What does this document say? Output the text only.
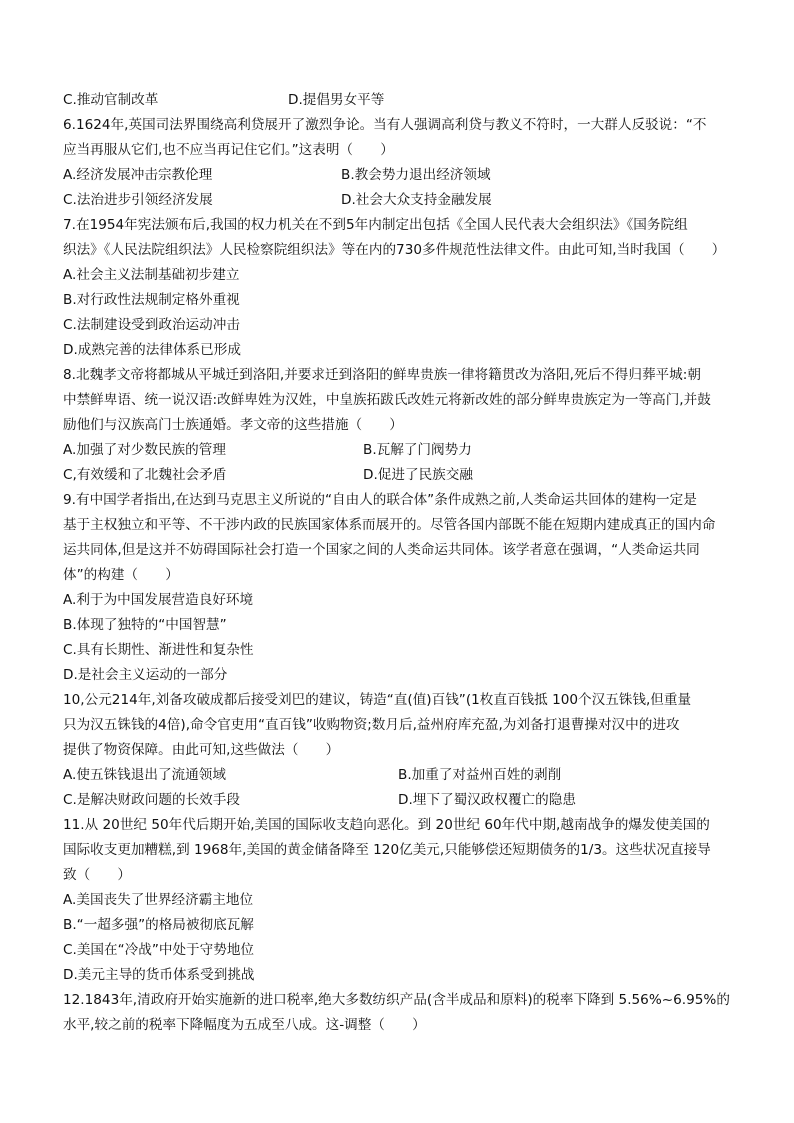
C.推动官制改革	D.提倡男女平等
6.1624年,英国司法界围绕高利贷展开了激烈争论。当有人强调高利贷与教义不符时，一大群人反驳说：“不
应当再服从它们,也不应当再记住它们。”这表明（　　）
A.经济发展冲击宗教伦理	B.教会势力退出经济领域
C.法治进步引领经济发展	D.社会大众支持金融发展
7.在1954年宪法颁布后,我国的权力机关在不到5年内制定出包括《全国人民代表大会组织法》《国务院组
织法》《人民法院组织法》人民检察院组织法》等在内的730多件规范性法律文件。由此可知,当时我国（　　）
A.社会主义法制基础初步建立
B.对行政性法规制定格外重视
C.法制建设受到政治运动冲击
D.成熟完善的法律体系已形成
8.北魏孝文帝将都城从平城迁到洛阳,并要求迁到洛阳的鲜卑贵族一律将籍贯改为洛阳,死后不得归葬平城:朝
中禁鲜卑语、统一说汉语:改鲜卑姓为汉姓，中皇族拓跋氏改姓元将新改姓的部分鲜卑贵族定为一等高门,并鼓
励他们与汉族高门士族通婚。孝文帝的这些措施（　　）
A.加强了对少数民族的管理	B.瓦解了门阀势力
C,有效缓和了北魏社会矛盾	D.促进了民族交融
9.有中国学者指出,在达到马克思主义所说的“自由人的联合体”条件成熟之前,人类命运共回体的建构一定是
基于主权独立和平等、不干涉内政的民族国家体系而展开的。尽管各国内部既不能在短期内建成真正的国内命
运共同体,但是这并不妨碍国际社会打造一个国家之间的人类命运共同体。该学者意在强调，“人类命运共同
体”的构建（　　）
A.利于为中国发展营造良好环境
B.体现了独特的“中国智慧”
C.具有长期性、渐进性和复杂性
D.是社会主义运动的一部分
10,公元214年,刘备攻破成都后接受刘巴的建议，铸造“直(值)百钱”(1枚直百钱抵 100个汉五铢钱,但重量
只为汉五铢钱的4倍),命令官吏用“直百钱”收购物资;数月后,益州府库充盈,为刘备打退曹操对汉中的进攻
提供了物资保障。由此可知,这些做法（　　）
A.使五铢钱退出了流通领域	B.加重了对益州百姓的剥削
C.是解决财政问题的长效手段	D.埋下了蜀汉政权覆亡的隐患
11.从 20世纪 50年代后期开始,美国的国际收支趋向恶化。到 20世纪 60年代中期,越南战争的爆发使美国的
国际收支更加糟糕,到 1968年,美国的黄金储备降至 120亿美元,只能够偿还短期债务的1/3。这些状况直接导
致（　　）
A.美国丧失了世界经济霸主地位
B.“一超多强”的格局被彻底瓦解
C.美国在“冷战”中处于守势地位
D.美元主导的货币体系受到挑战
12.1843年,清政府开始实施新的进口税率,绝大多数纺织产品(含半成品和原料)的税率下降到 5.56%~6.95%的
水平,较之前的税率下降幅度为五成至八成。这-调整（　　）
